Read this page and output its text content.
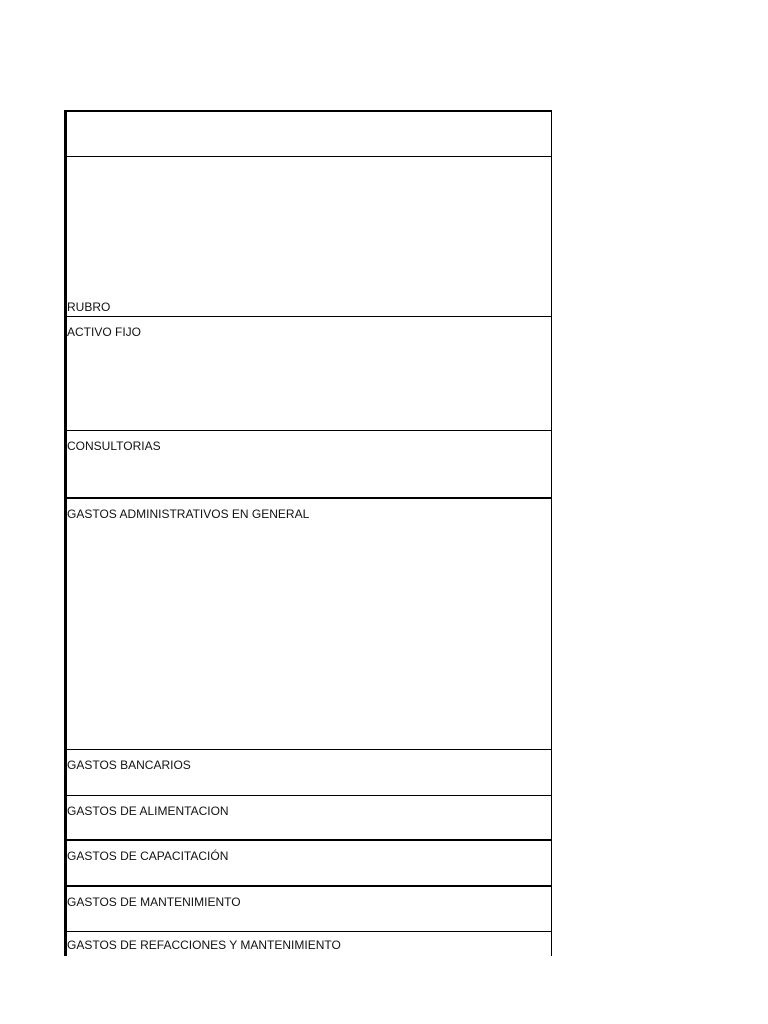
RUBRO
ACTIVO FIJO
CONSULTORIAS
GASTOS ADMINISTRATIVOS EN GENERAL
GASTOS BANCARIOS
GASTOS DE ALIMENTACION
GASTOS DE CAPACITACIÓN
GASTOS DE MANTENIMIENTO
GASTOS DE REFACCIONES Y MANTENIMIENTO
